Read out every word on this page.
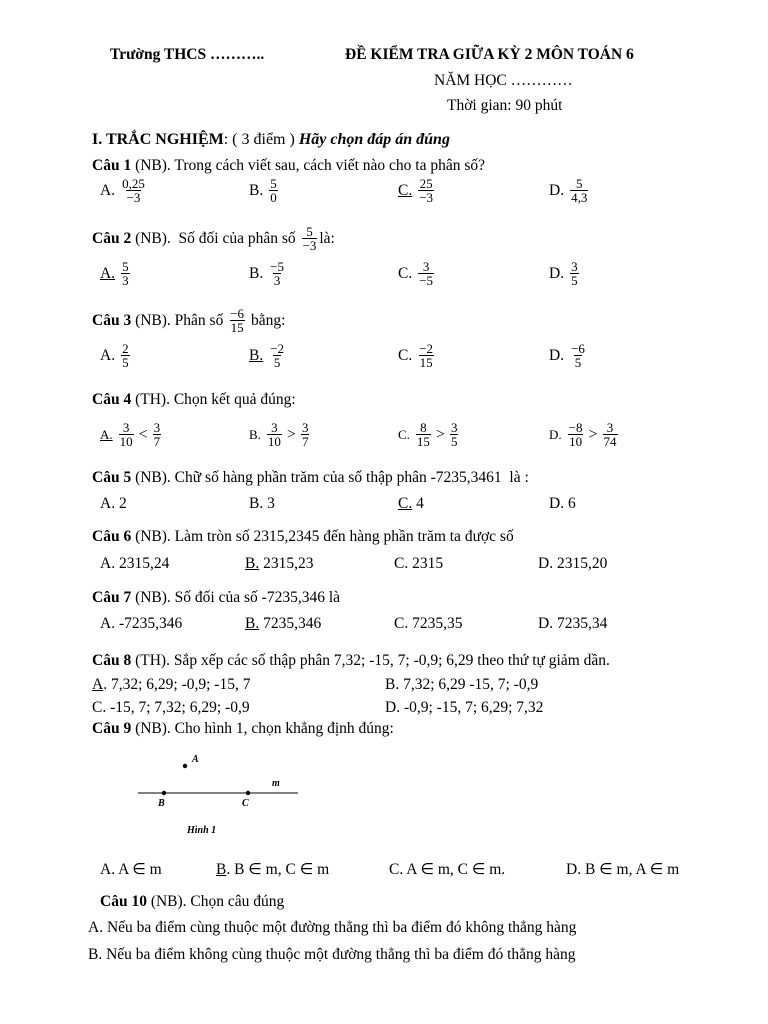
Trường THCS ………..	ĐỀ KIỂM TRA GIỮA KỲ 2 MÔN TOÁN 6
NĂM HỌC …………
Thời gian: 90 phút
I. TRẮC NGHIỆM: ( 3 điểm ) Hãy chọn đáp án đúng
Câu 1 (NB). Trong cách viết sau, cách viết nào cho ta phân số?
A. 0,25
−3	B. 5
0	C. 25
−3	D. 5
4,3
Câu 2 (NB).  Số đối của phân số 5
−3 là:
A. 5
3	B. −5
3	C. 3
−5	D. 3
5
Câu 3 (NB). Phân số −6
15 bằng:
A. 2
5	B. −2
5	C. −2
15	D. −6
5
Câu 4 (TH). Chọn kết quả đúng:
A. 3
10 < 3
7	B. 3
10 > 3
7	C. 8
15 > 3
5	D. −8
10 > 3
74
Câu 5 (NB). Chữ số hàng phần trăm của số thập phân -7235,3461  là :
A. 2	B. 3	C. 4	D. 6
Câu 6 (NB). Làm tròn số 2315,2345 đến hàng phần trăm ta được số
A. 2315,24	B. 2315,23	C. 2315	D. 2315,20
Câu 7 (NB). Số đối của số -7235,346 là
A. -7235,346	B. 7235,346	C. 7235,35	D. 7235,34
Câu 8 (TH). Sắp xếp các số thập phân 7,32; -15, 7; -0,9; 6,29 theo thứ tự giảm dần.
A. 7,32; 6,29; -0,9; -15, 7	B. 7,32; 6,29 -15, 7; -0,9
C. -15, 7; 7,32; 6,29; -0,9	D. -0,9; -15, 7; 6,29; 7,32
Câu 9 (NB). Cho hình 1, chọn khẳng định đúng:
A
m
B	C
Hình 1
A. A ∈ m	B. B ∈ m, C ∈ m	C. A ∈ m, C ∈ m.	D. B ∈ m, A ∈ m
Câu 10 (NB). Chọn câu đúng
A. Nếu ba điểm cùng thuộc một đường thẳng thì ba điểm đó không thẳng hàng
B. Nếu ba điểm không cùng thuộc một đường thẳng thì ba điểm đó thẳng hàng
